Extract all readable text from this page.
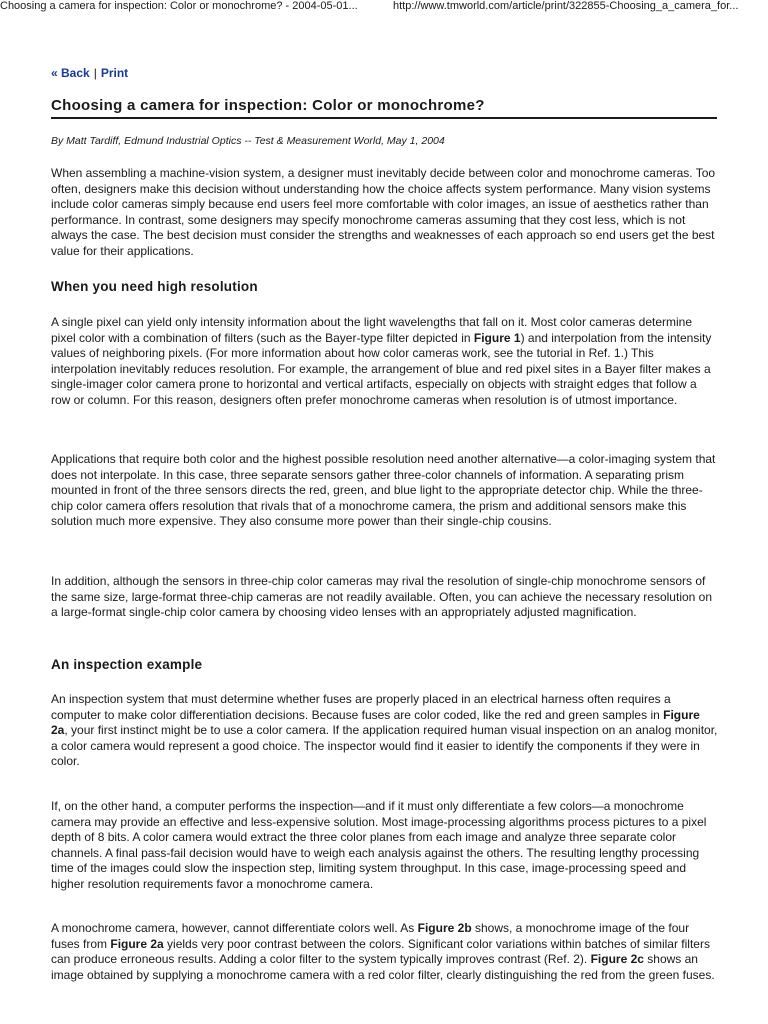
Choosing a camera for inspection: Color or monochrome? - 2004-05-01...	http://www.tmworld.com/article/print/322855-Choosing_a_camera_for...
« Back | Print
Choosing a camera for inspection: Color or monochrome?
By Matt Tardiff, Edmund Industrial Optics -- Test & Measurement World, May 1, 2004

When assembling a machine-vision system, a designer must inevitably decide between color and monochrome cameras. Too often, designers make this decision without understanding how the choice affects system performance. Many vision systems include color cameras simply because end users feel more comfortable with color images, an issue of aesthetics rather than performance. In contrast, some designers may specify monochrome cameras assuming that they cost less, which is not always the case. The best decision must consider the strengths and weaknesses of each approach so end users get the best value for their applications.

When you need high resolution

A single pixel can yield only intensity information about the light wavelengths that fall on it. Most color cameras determine pixel color with a combination of filters (such as the Bayer-type filter depicted in Figure 1) and interpolation from the intensity values of neighboring pixels. (For more information about how color cameras work, see the tutorial in Ref. 1.) This interpolation inevitably reduces resolution. For example, the arrangement of blue and red pixel sites in a Bayer filter makes a single-imager color camera prone to horizontal and vertical artifacts, especially on objects with straight edges that follow a row or column. For this reason, designers often prefer monochrome cameras when resolution is of utmost importance.

Applications that require both color and the highest possible resolution need another alternative—a color-imaging system that does not interpolate. In this case, three separate sensors gather three-color channels of information. A separating prism mounted in front of the three sensors directs the red, green, and blue light to the appropriate detector chip. While the three-chip color camera offers resolution that rivals that of a monochrome camera, the prism and additional sensors make this solution much more expensive. They also consume more power than their single-chip cousins.

In addition, although the sensors in three-chip color cameras may rival the resolution of single-chip monochrome sensors of the same size, large-format three-chip cameras are not readily available. Often, you can achieve the necessary resolution on a large-format single-chip color camera by choosing video lenses with an appropriately adjusted magnification.

An inspection example

An inspection system that must determine whether fuses are properly placed in an electrical harness often requires a computer to make color differentiation decisions. Because fuses are color coded, like the red and green samples in Figure 2a, your first instinct might be to use a color camera. If the application required human visual inspection on an analog monitor, a color camera would represent a good choice. The inspector would find it easier to identify the components if they were in color.

If, on the other hand, a computer performs the inspection—and if it must only differentiate a few colors—a monochrome camera may provide an effective and less-expensive solution. Most image-processing algorithms process pictures to a pixel depth of 8 bits. A color camera would extract the three color planes from each image and analyze three separate color channels. A final pass-fail decision would have to weigh each analysis against the others. The resulting lengthy processing time of the images could slow the inspection step, limiting system throughput. In this case, image-processing speed and higher resolution requirements favor a monochrome camera.

A monochrome camera, however, cannot differentiate colors well. As Figure 2b shows, a monochrome image of the four fuses from Figure 2a yields very poor contrast between the colors. Significant color variations within batches of similar filters can produce erroneous results. Adding a color filter to the system typically improves contrast (Ref. 2). Figure 2c shows an image obtained by supplying a monochrome camera with a red color filter, clearly distinguishing the red from the green fuses.
